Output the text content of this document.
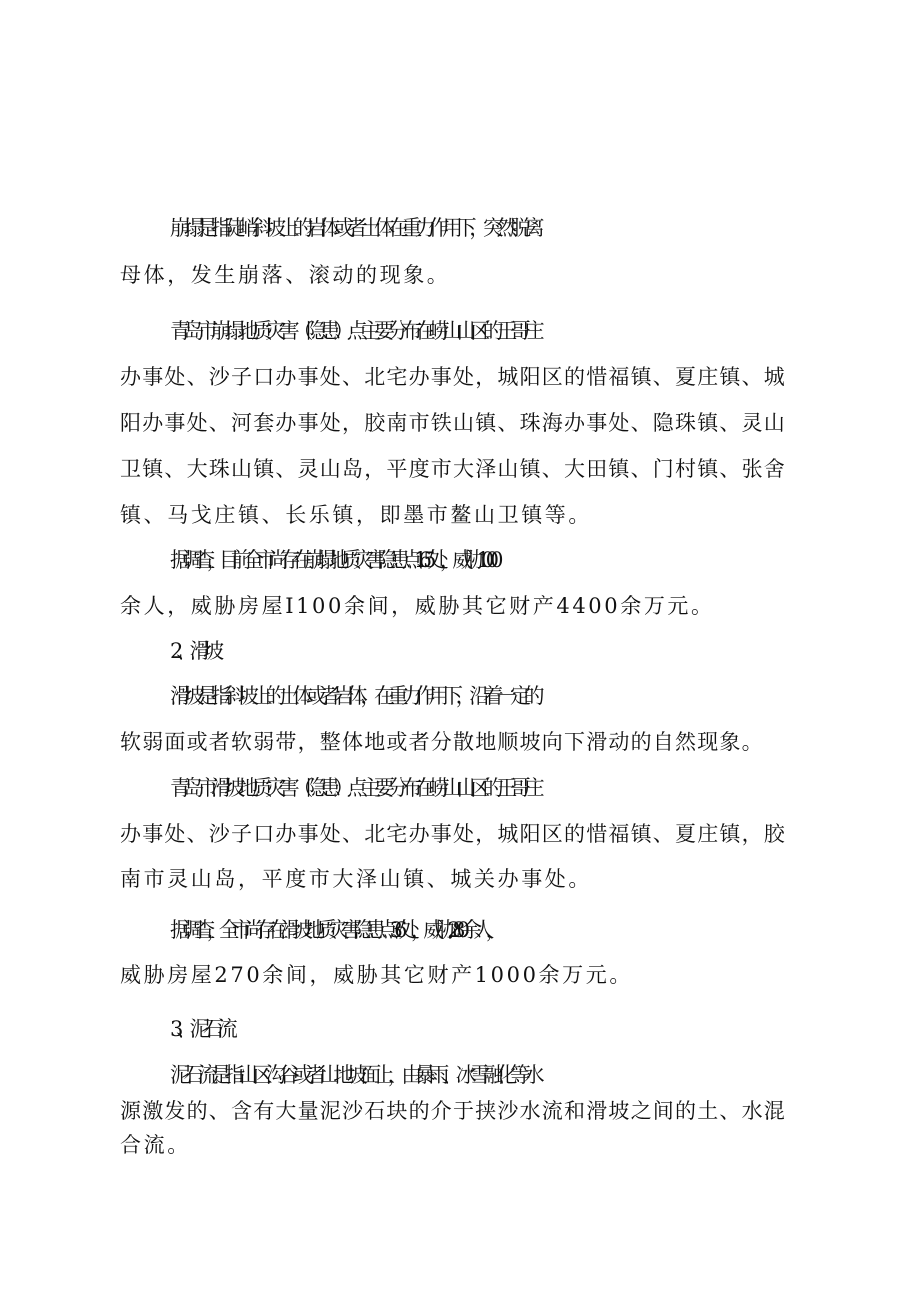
崩塌是指陡峭斜坡上的岩体或者土体在重力作用下，突然脱离
母体，发生崩落、滚动的现象。
青岛市崩塌地质灾害（隐患）点主要分布在崂山山区的王哥庄
办事处、沙子口办事处、北宅办事处，城阳区的惜福镇、夏庄镇、城
阳办事处、河套办事处，胶南市铁山镇、珠海办事处、隐珠镇、灵山
卫镇、大珠山镇、灵山岛，平度市大泽山镇、大田镇、门村镇、张舍
镇、马戈庄镇、长乐镇，即墨市鳌山卫镇等。
据调查，目前全市尚存在崩塌地质灾害隐患点165处，威胁1000
余人，威胁房屋I100余间，威胁其它财产4400余万元。
2、滑坡
滑坡是指斜坡上的土体或者岩体，在重力作用下，沿着一定的
软弱面或者软弱带，整体地或者分散地顺坡向下滑动的自然现象。
青岛市滑坡地质灾害（隐患）点主要分布在崂山山区的王哥庄
办事处、沙子口办事处、北宅办事处，城阳区的惜福镇、夏庄镇，胶
南市灵山岛，平度市大泽山镇、城关办事处。
据调查，全市尚存在滑坡地质灾害隐患点36处，威胁280余人，
威胁房屋270余间，威胁其它财产1000余万元。
3、泥石流
泥石流是指山区沟谷或者山地坡面上，由暴雨、冰雪融化等水
源激发的、含有大量泥沙石块的介于挟沙水流和滑坡之间的土、水混
合流。
